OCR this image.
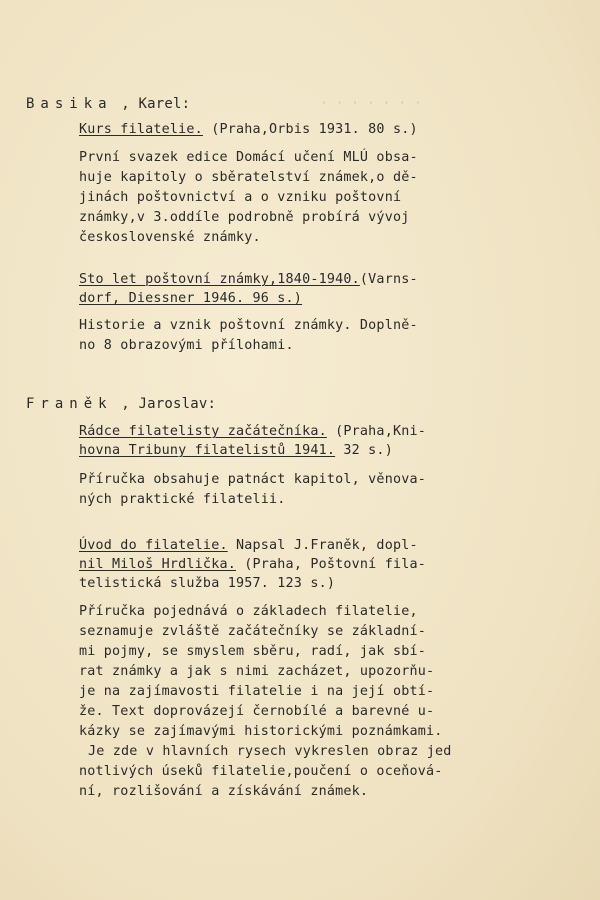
· · · · · · ·
Basika , Karel:
Kurs filatelie. (Praha,Orbis 1931. 80 s.)
První svazek edice Domácí učení MLÚ obsa-
huje kapitoly o sběratelství známek,o dě-
jinách poštovnictví a o vzniku poštovní
známky,v 3.oddíle podrobně probírá vývoj
československé známky.
Sto let poštovní známky,1840-1940.(Varns-
dorf, Diessner 1946. 96 s.)
Historie a vznik poštovní známky. Doplně-
no 8 obrazovými přílohami.
Franěk , Jaroslav:
Rádce filatelisty začátečníka. (Praha,Kni-
hovna Tribuny filatelistů 1941. 32 s.)
Příručka obsahuje patnáct kapitol, věnova-
ných praktické filatelii.
Úvod do filatelie. Napsal J.Franěk, dopl-
nil Miloš Hrdlička. (Praha, Poštovní fila-
telistická služba 1957. 123 s.)
Příručka pojednává o základech filatelie,
seznamuje zvláště začátečníky se základní-
mi pojmy, se smyslem sběru, radí, jak sbí-
rat známky a jak s nimi zacházet, upozorňu-
je na zajímavosti filatelie i na její obtí-
že. Text doprovázejí černobílé a barevné u-
kázky se zajímavými historickými poznámkami.
Je zde v hlavních rysech vykreslen obraz jed
notlivých úseků filatelie,poučení o oceňová-
ní, rozlišování a získávání známek.
